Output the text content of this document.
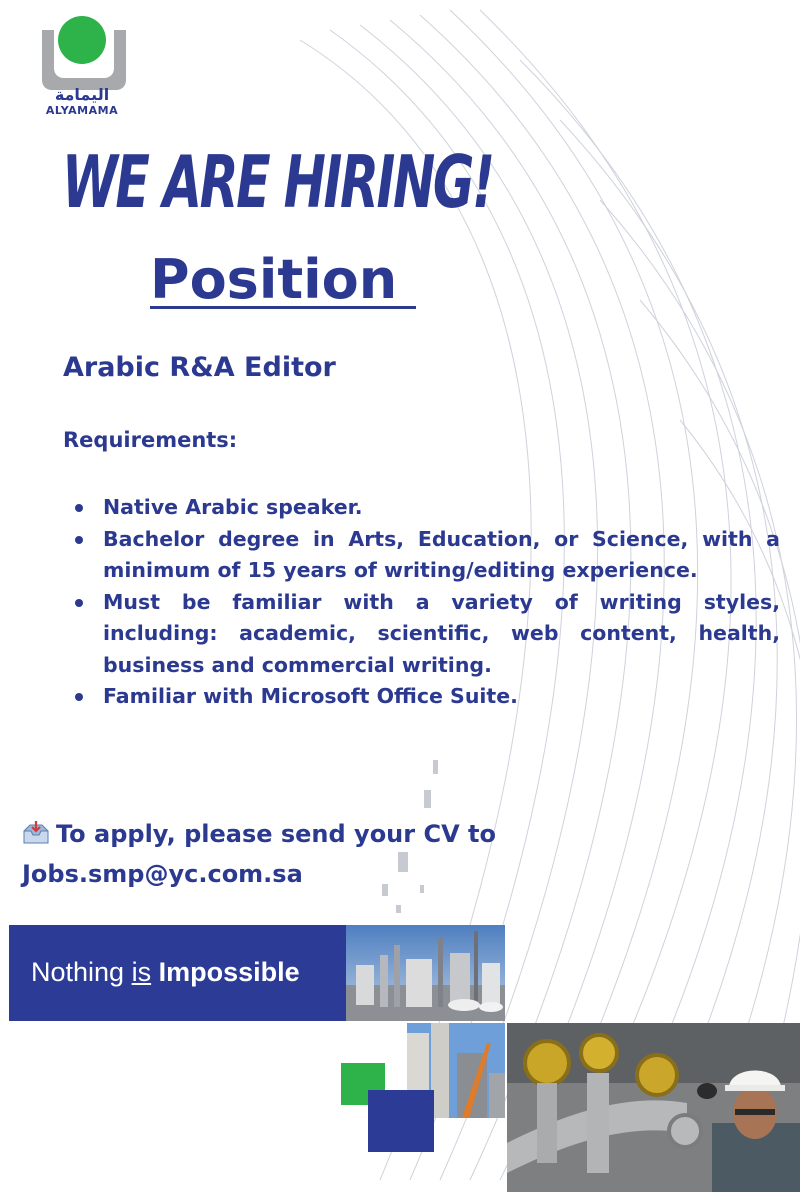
اليمامة
ALYAMAMA
WE ARE HIRING!
Position
Arabic R&A Editor
Requirements:
Native Arabic speaker.
Bachelor degree in Arts, Education, or Science, with a minimum of 15 years of writing/editing experience.
Must be familiar with a variety of writing styles, including: academic, scientific, web content, health, business and commercial writing.
Familiar with Microsoft Office Suite.
To apply, please send your CV to
Jobs.smp@yc.com.sa
Nothing is Impossible
